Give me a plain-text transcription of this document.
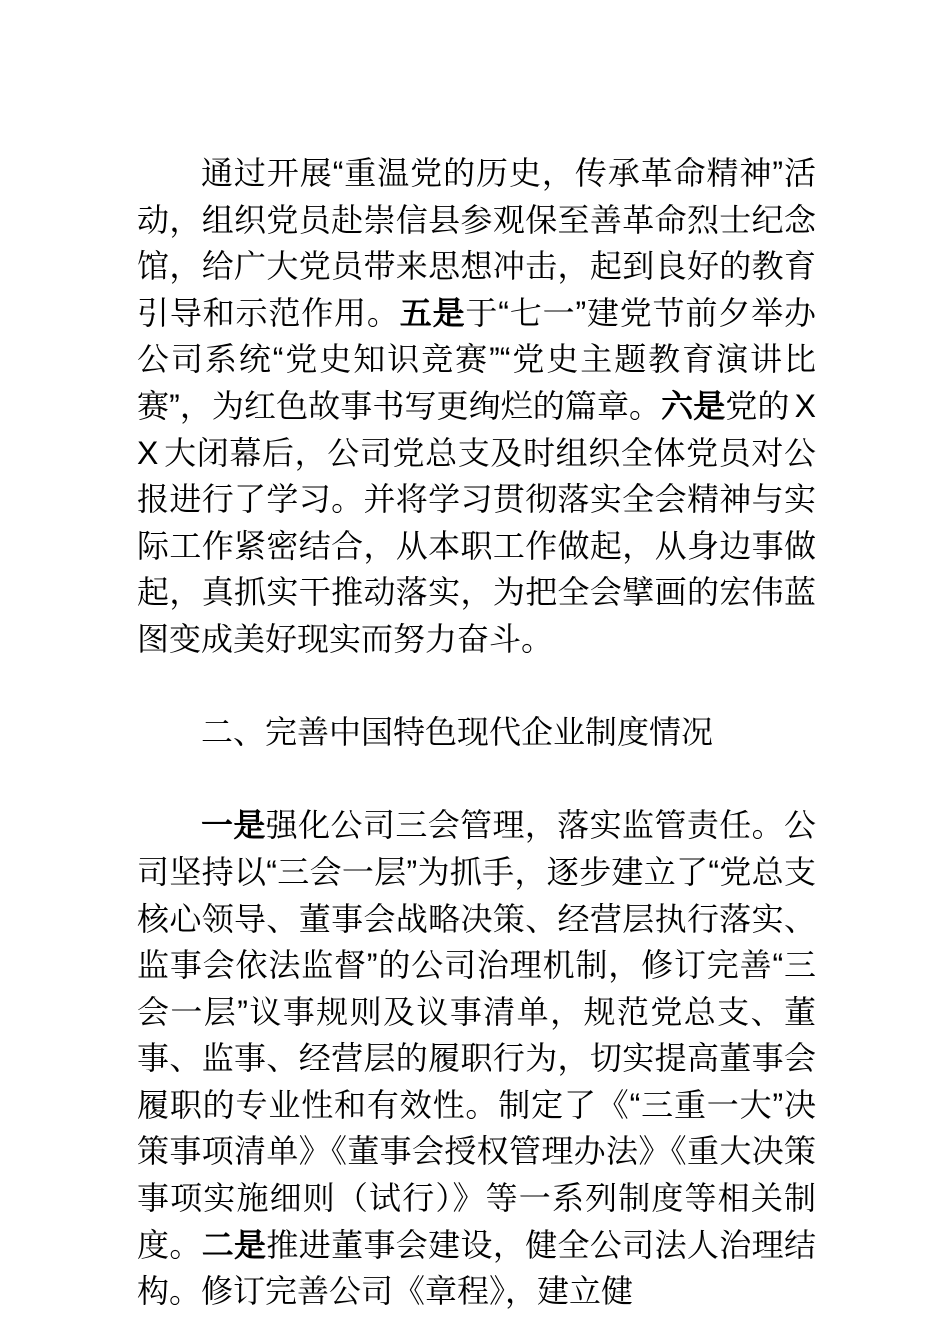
通过开展“重温党的历史，传承革命精神”活动，组织党员赴崇信县参观保至善革命烈士纪念馆，给广大党员带来思想冲击，起到良好的教育引导和示范作用。五是于“七一”建党节前夕举办公司系统“党史知识竞赛”“党史主题教育演讲比赛”，为红色故事书写更绚烂的篇章。六是党的 XX 大闭幕后，公司党总支及时组织全体党员对公报进行了学习。并将学习贯彻落实全会精神与实际工作紧密结合，从本职工作做起，从身边事做起，真抓实干推动落实，为把全会擘画的宏伟蓝图变成美好现实而努力奋斗。

二、完善中国特色现代企业制度情况

一是强化公司三会管理，落实监管责任。公司坚持以“三会一层”为抓手，逐步建立了“党总支核心领导、董事会战略决策、经营层执行落实、监事会依法监督”的公司治理机制，修订完善“三会一层”议事规则及议事清单，规范党总支、董事、监事、经营层的履职行为，切实提高董事会履职的专业性和有效性。制定了《“三重一大”决策事项清单》《董事会授权管理办法》《重大决策事项实施细则（试行）》等一系列制度等相关制度。二是推进董事会建设，健全公司法人治理结构。修订完善公司《章程》，建立健
